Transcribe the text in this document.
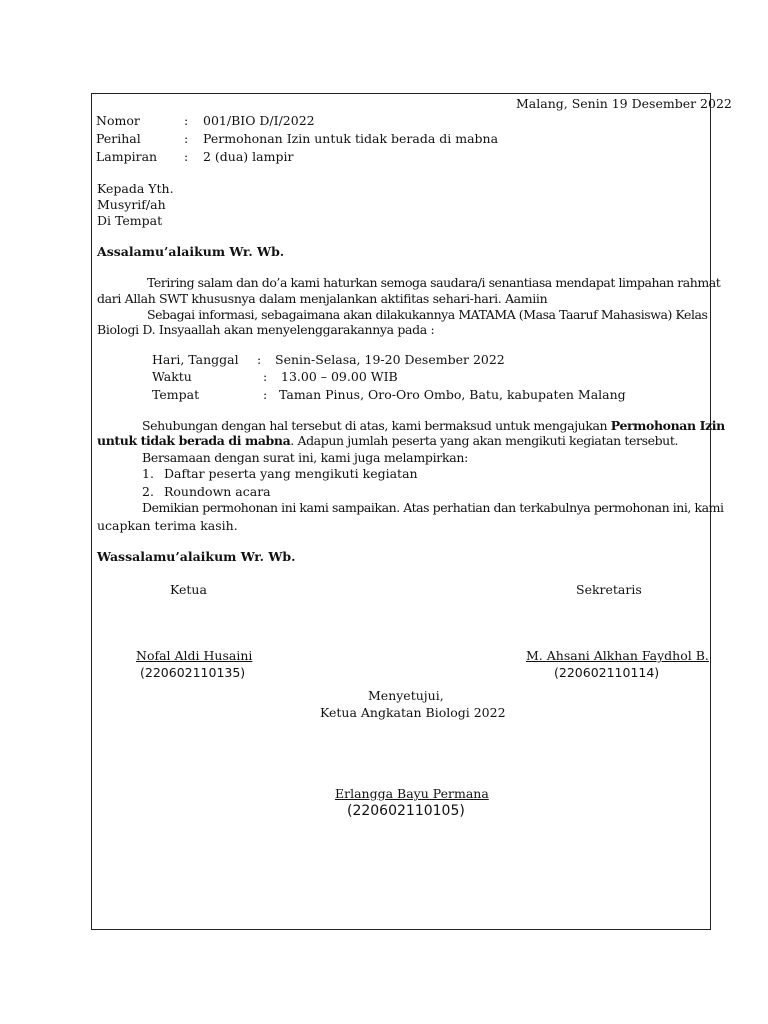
Malang, Senin 19 Desember 2022
Nomor	: 001/BIO D/I/2022
Perihal	: Permohonan Izin untuk tidak berada di mabna
Lampiran : 2 (dua) lampir
Kepada Yth.
Musyrif/ah
Di Tempat
Assalamu’alaikum Wr. Wb.
Teriring salam dan do’a kami haturkan semoga saudara/i senantiasa mendapat limpahan rahmat
dari Allah SWT khususnya dalam menjalankan aktifitas sehari-hari. Aamiin
Sebagai informasi, sebagaimana akan dilakukannya MATAMA (Masa Taaruf Mahasiswa) Kelas
Biologi D. Insyaallah akan menyelenggarakannya pada :
Hari, Tanggal : Senin-Selasa, 19-20 Desember 2022
Waktu	: 13.00 – 09.00 WIB
Tempat	: Taman Pinus, Oro-Oro Ombo, Batu, kabupaten Malang
Sehubungan dengan hal tersebut di atas, kami bermaksud untuk mengajukan Permohonan Izin
untuk tidak berada di mabna. Adapun jumlah peserta yang akan mengikuti kegiatan tersebut.
Bersamaan dengan surat ini, kami juga melampirkan:
1. Daftar peserta yang mengikuti kegiatan
2. Roundown acara
Demikian permohonan ini kami sampaikan. Atas perhatian dan terkabulnya permohonan ini, kami
ucapkan terima kasih.
Wassalamu’alaikum Wr. Wb.
Ketua	Sekretaris
Nofal Aldi Husaini
(220602110135)
M. Ahsani Alkhan Faydhol B.
(220602110114)
Menyetujui,
Ketua Angkatan Biologi 2022
Erlangga Bayu Permana
(220602110105)
